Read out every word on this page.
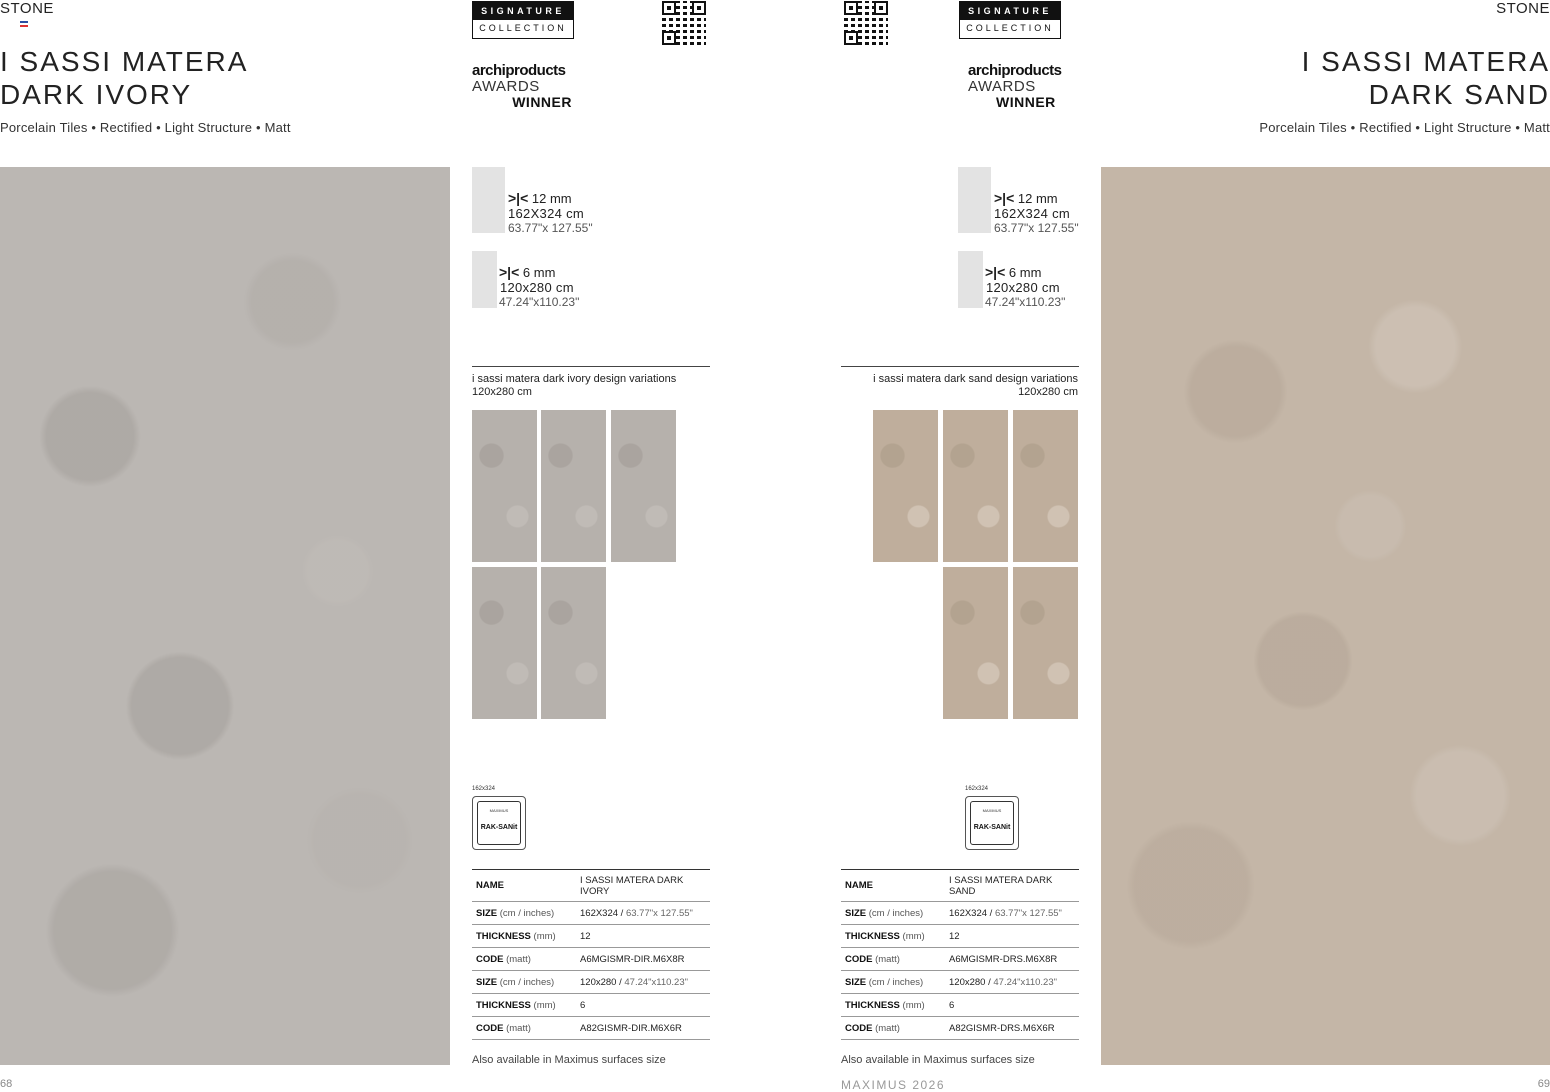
STONE
I SASSI MATERA
DARK IVORY
Porcelain Tiles • Rectified • Light Structure • Matt
SIGNATURE
COLLECTION
archiproducts
AWARDS
WINNER
>|< 12 mm
162X324 cm
63.77"x 127.55"
>|< 6 mm
120x280 cm
47.24"x110.23"
i sassi matera dark ivory design variations
120x280 cm
162x324
MAXIMUS
RAK-SANit
NAME	I SASSI MATERA DARK IVORY
SIZE (cm / inches)	162X324 / 63.77"x 127.55"
THICKNESS (mm)	12
CODE (matt)	A6MGISMR-DIR.M6X8R
SIZE (cm / inches)	120x280 / 47.24"x110.23"
THICKNESS (mm)	6
CODE (matt)	A82GISMR-DIR.M6X6R
Also available in Maximus surfaces size
68
STONE
I SASSI MATERA
DARK SAND
Porcelain Tiles • Rectified • Light Structure • Matt
SIGNATURE
COLLECTION
archiproducts
AWARDS
WINNER
>|< 12 mm
162X324 cm
63.77"x 127.55"
>|< 6 mm
120x280 cm
47.24"x110.23"
i sassi matera dark sand design variations
120x280 cm
162x324
MAXIMUS
RAK-SANit
NAME	I SASSI MATERA DARK SAND
SIZE (cm / inches)	162X324 / 63.77"x 127.55"
THICKNESS (mm)	12
CODE (matt)	A6MGISMR-DRS.M6X8R
SIZE (cm / inches)	120x280 / 47.24"x110.23"
THICKNESS (mm)	6
CODE (matt)	A82GISMR-DRS.M6X6R
Also available in Maximus surfaces size
MAXIMUS 2026	69
